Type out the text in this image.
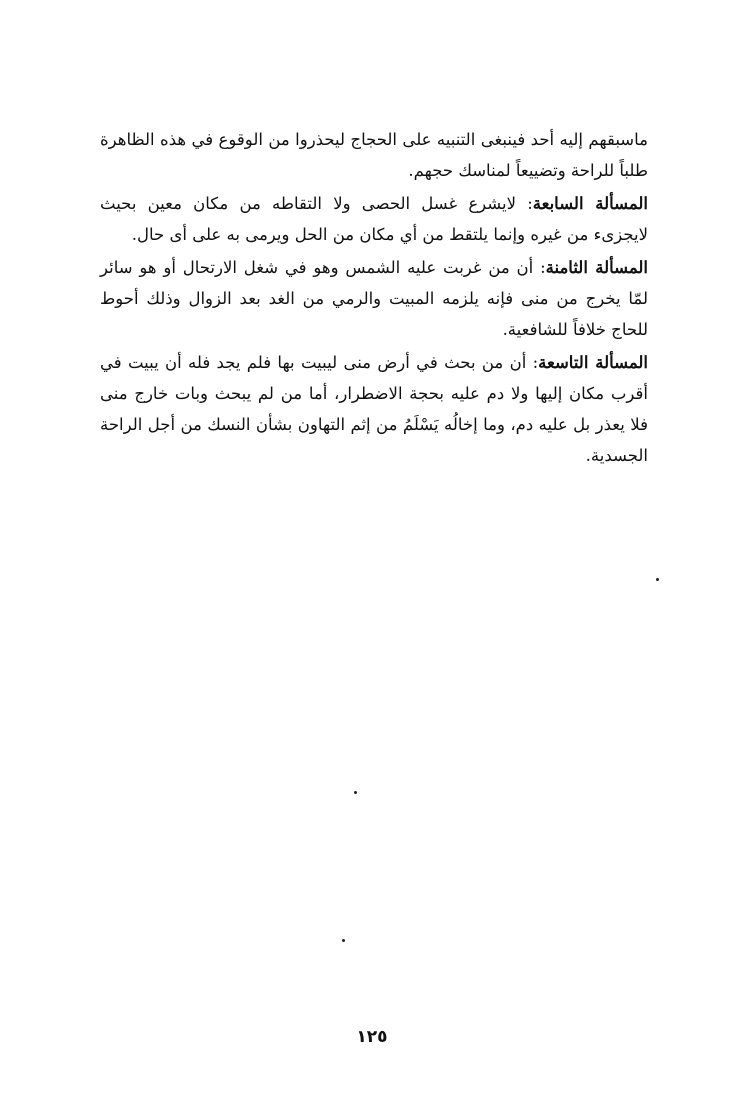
ماسبقهم إليه أحد فينبغى التنبيه على الحجاج ليحذروا من الوقوع في هذه الظاهرة طلباً للراحة وتضييعاً لمناسك حجهم.

المسألة السابعة: لايشرع غسل الحصى ولا التقاطه من مكان معين بحيث لايجزىء من غيره وإنما يلتقط من أي مكان من الحل ويرمى به على أى حال.

المسألة الثامنة: أن من غربت عليه الشمس وهو في شغل الارتحال أو هو سائر لمّا يخرج من منى فإنه يلزمه المبيت والرمي من الغد بعد الزوال وذلك أحوط للحاج خلافاً للشافعية.

المسألة التاسعة: أن من بحث في أرض منى ليبيت بها فلم يجد فله أن يبيت في أقرب مكان إليها ولا دم عليه بحجة الاضطرار، أما من لم يبحث وبات خارج منى فلا يعذر بل عليه دم، وما إخالُه يَسْلَمُ من إثم التهاون بشأن النسك من أجل الراحة الجسدية.

١٢٥
